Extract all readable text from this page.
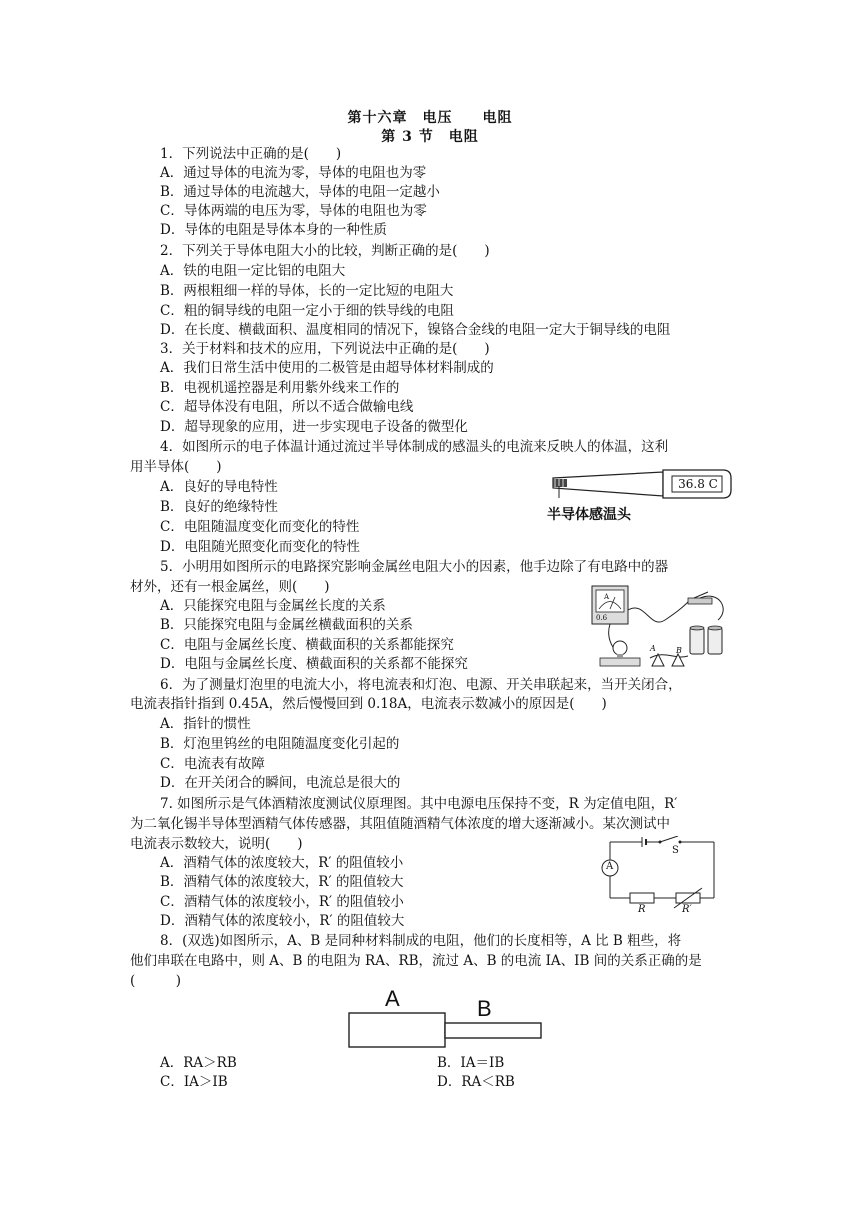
第十六章　电压　　电阻
第 3 节　电阻
1．下列说法中正确的是(　　)
A．通过导体的电流为零，导体的电阻也为零
B．通过导体的电流越大，导体的电阻一定越小
C．导体两端的电压为零，导体的电阻也为零
D．导体的电阻是导体本身的一种性质
2．下列关于导体电阻大小的比较，判断正确的是(　　)
A．铁的电阻一定比铝的电阻大
B．两根粗细一样的导体，长的一定比短的电阻大
C．粗的铜导线的电阻一定小于细的铁导线的电阻
D．在长度、横截面积、温度相同的情况下，镍铬合金线的电阻一定大于铜导线的电阻
3．关于材料和技术的应用，下列说法中正确的是(　　)
A．我们日常生活中使用的二极管是由超导体材料制成的
B．电视机遥控器是利用紫外线来工作的
C．超导体没有电阻，所以不适合做输电线
D．超导现象的应用，进一步实现电子设备的微型化
4．如图所示的电子体温计通过流过半导体制成的感温头的电流来反映人的体温，这利
用半导体(　　)
A．良好的导电特性
B．良好的绝缘特性
C．电阻随温度变化而变化的特性
D．电阻随光照变化而变化的特性
36.8 C
半导体感温头
5．小明用如图所示的电路探究影响金属丝电阻大小的因素，他手边除了有电路中的器
材外，还有一根金属丝，则(　　)
A．只能探究电阻与金属丝长度的关系
B．只能探究电阻与金属丝横截面积的关系
C．电阻与金属丝长度、横截面积的关系都能探究
D．电阻与金属丝长度、横截面积的关系都不能探究
A
0.6
A	B
6．为了测量灯泡里的电流大小，将电流表和灯泡、电源、开关串联起来，当开关闭合，
电流表指针指到 0.45A，然后慢慢回到 0.18A，电流表示数减小的原因是(　　)
A．指针的惯性
B．灯泡里钨丝的电阻随温度变化引起的
C．电流表有故障
D．在开关闭合的瞬间，电流总是很大的
7. 如图所示是气体酒精浓度测试仪原理图。其中电源电压保持不变，R 为定值电阻，R′
为二氧化锡半导体型酒精气体传感器，其阻值随酒精气体浓度的增大逐渐减小。某次测试中
电流表示数较大，说明(　　)
A．酒精气体的浓度较大，R′ 的阻值较小
B．酒精气体的浓度较大，R′ 的阻值较大
C．酒精气体的浓度较小，R′ 的阻值较小
D．酒精气体的浓度较小，R′ 的阻值较大
A
S
R	R′
8．(双选)如图所示，A、B 是同种材料制成的电阻，他们的长度相等，A 比 B 粗些，将
他们串联在电路中，则 A、B 的电阻为 RA、RB，流过 A、B 的电流 IA、IB 间的关系正确的是
(　　　)
A	B
A．RA＞RB	B．IA＝IB
C．IA＞IB	D．RA＜RB
